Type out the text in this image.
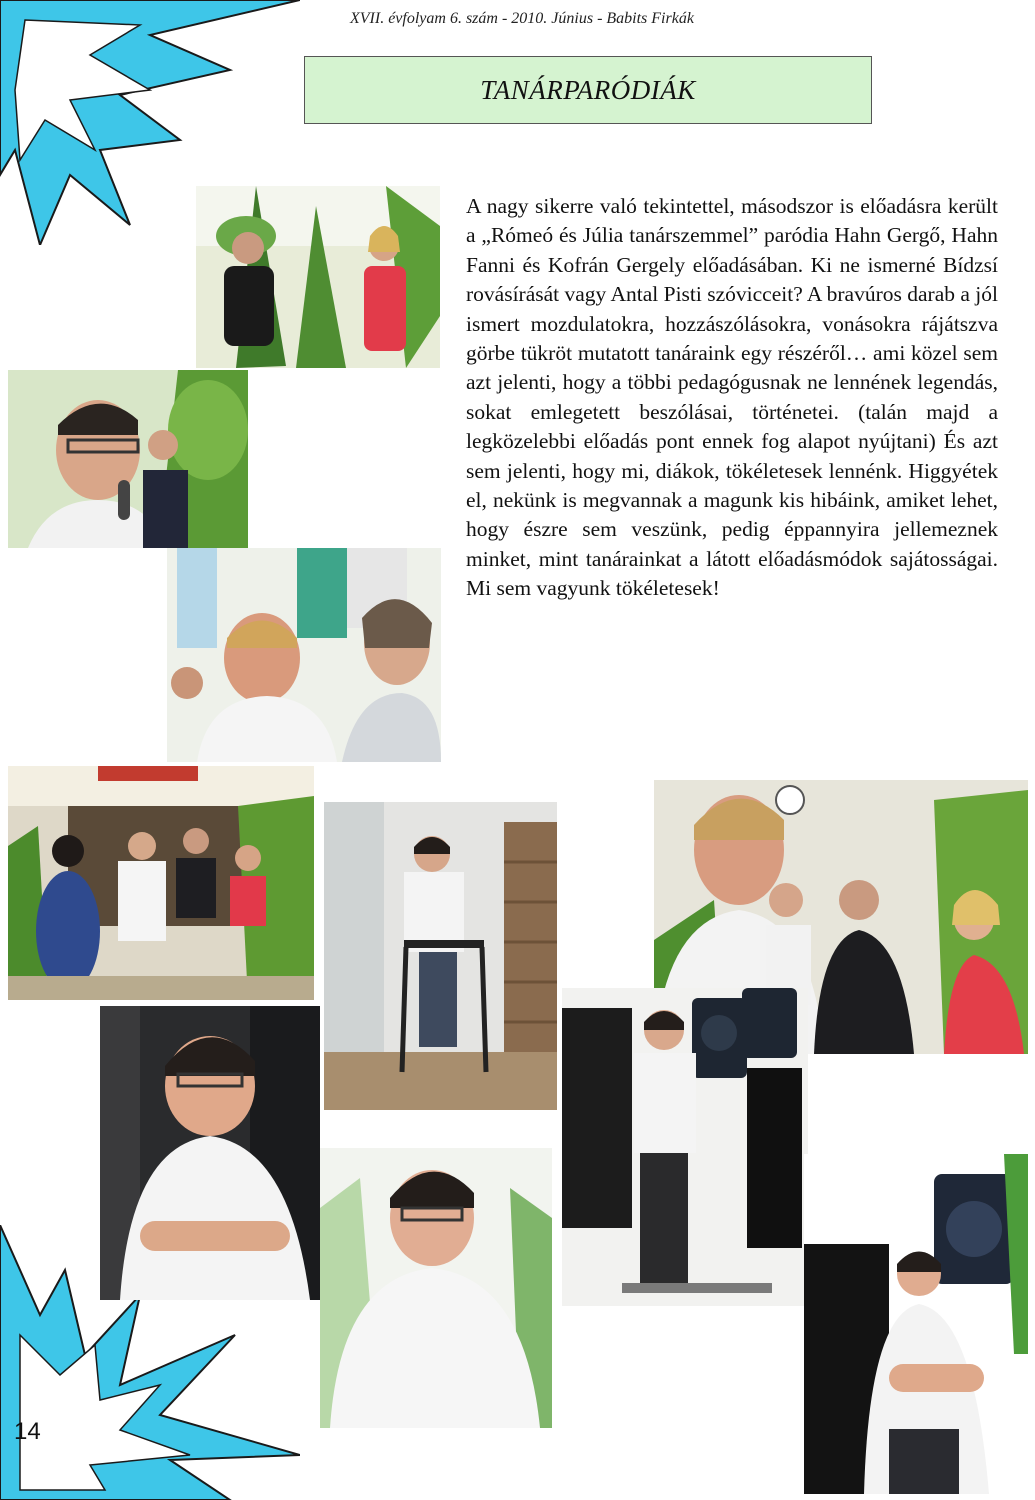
XVII. évfolyam 6. szám - 2010. Június - Babits Firkák
TANÁRPARÓDIÁK
A nagy sikerre való tekintettel, másodszor is előadásra került a „Rómeó és Júlia tanárszemmel” paródia Hahn Gergő, Hahn Fanni és Kofrán Gergely előadásában. Ki ne ismerné Bídzsí rovásírását vagy Antal Pisti szóvicceit? A bravúros darab a jól ismert mozdulatokra, hozzászólásokra, vonásokra rájátszva görbe tükröt mutatott tanáraink egy részéről… ami közel sem azt jelenti, hogy a többi pedagógusnak ne lennének legendás, sokat emlegetett beszólásai, történetei. (talán majd a legközelebbi előadás pont ennek fog alapot nyújtani) És azt sem jelenti, hogy mi, diákok, tökéletesek lennénk. Higgyétek el, nekünk is megvannak a magunk kis hibáink, amiket lehet, hogy észre sem veszünk, pedig éppannyira jellemeznek minket, mint tanárainkat a látott előadásmódok sajátosságai. Mi sem vagyunk tökéletesek!
14
